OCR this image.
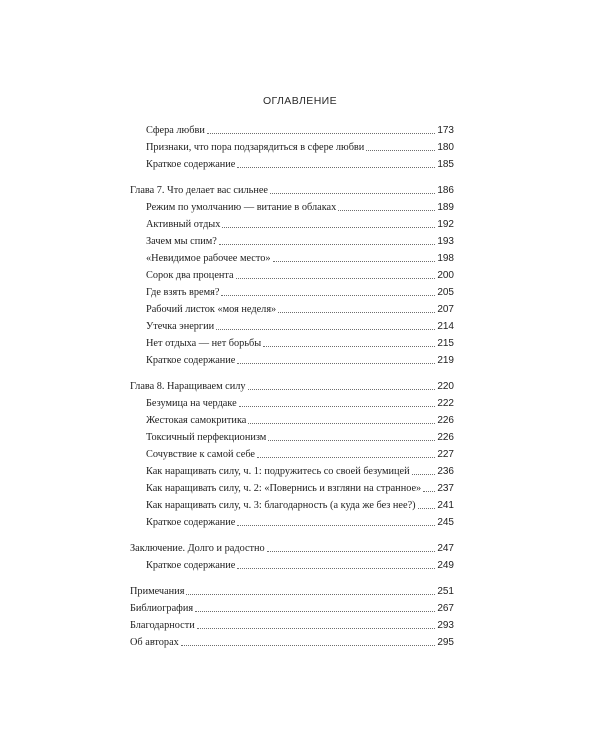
ОГЛАВЛЕНИЕ
Сфера любви	173
Признаки, что пора подзарядиться в сфере любви	180
Краткое содержание	185
Глава 7. Что делает вас сильнее	186
Режим по умолчанию — витание в облаках	189
Активный отдых	192
Зачем мы спим?	193
«Невидимое рабочее место»	198
Сорок два процента	200
Где взять время?	205
Рабочий листок «моя неделя»	207
Утечка энергии	214
Нет отдыха — нет борьбы	215
Краткое содержание	219
Глава 8. Наращиваем силу	220
Безумица на чердаке	222
Жестокая самокритика	226
Токсичный перфекционизм	226
Сочувствие к самой себе	227
Как наращивать силу, ч. 1: подружитесь со своей безумицей	236
Как наращивать силу, ч. 2: «Повернись и взгляни на странное» 237
Как наращивать силу, ч. 3: благодарность (а куда же без нее?) 241
Краткое содержание	245
Заключение. Долго и радостно	247
Краткое содержание	249
Примечания	251
Библиография	267
Благодарности	293
Об авторах	295
